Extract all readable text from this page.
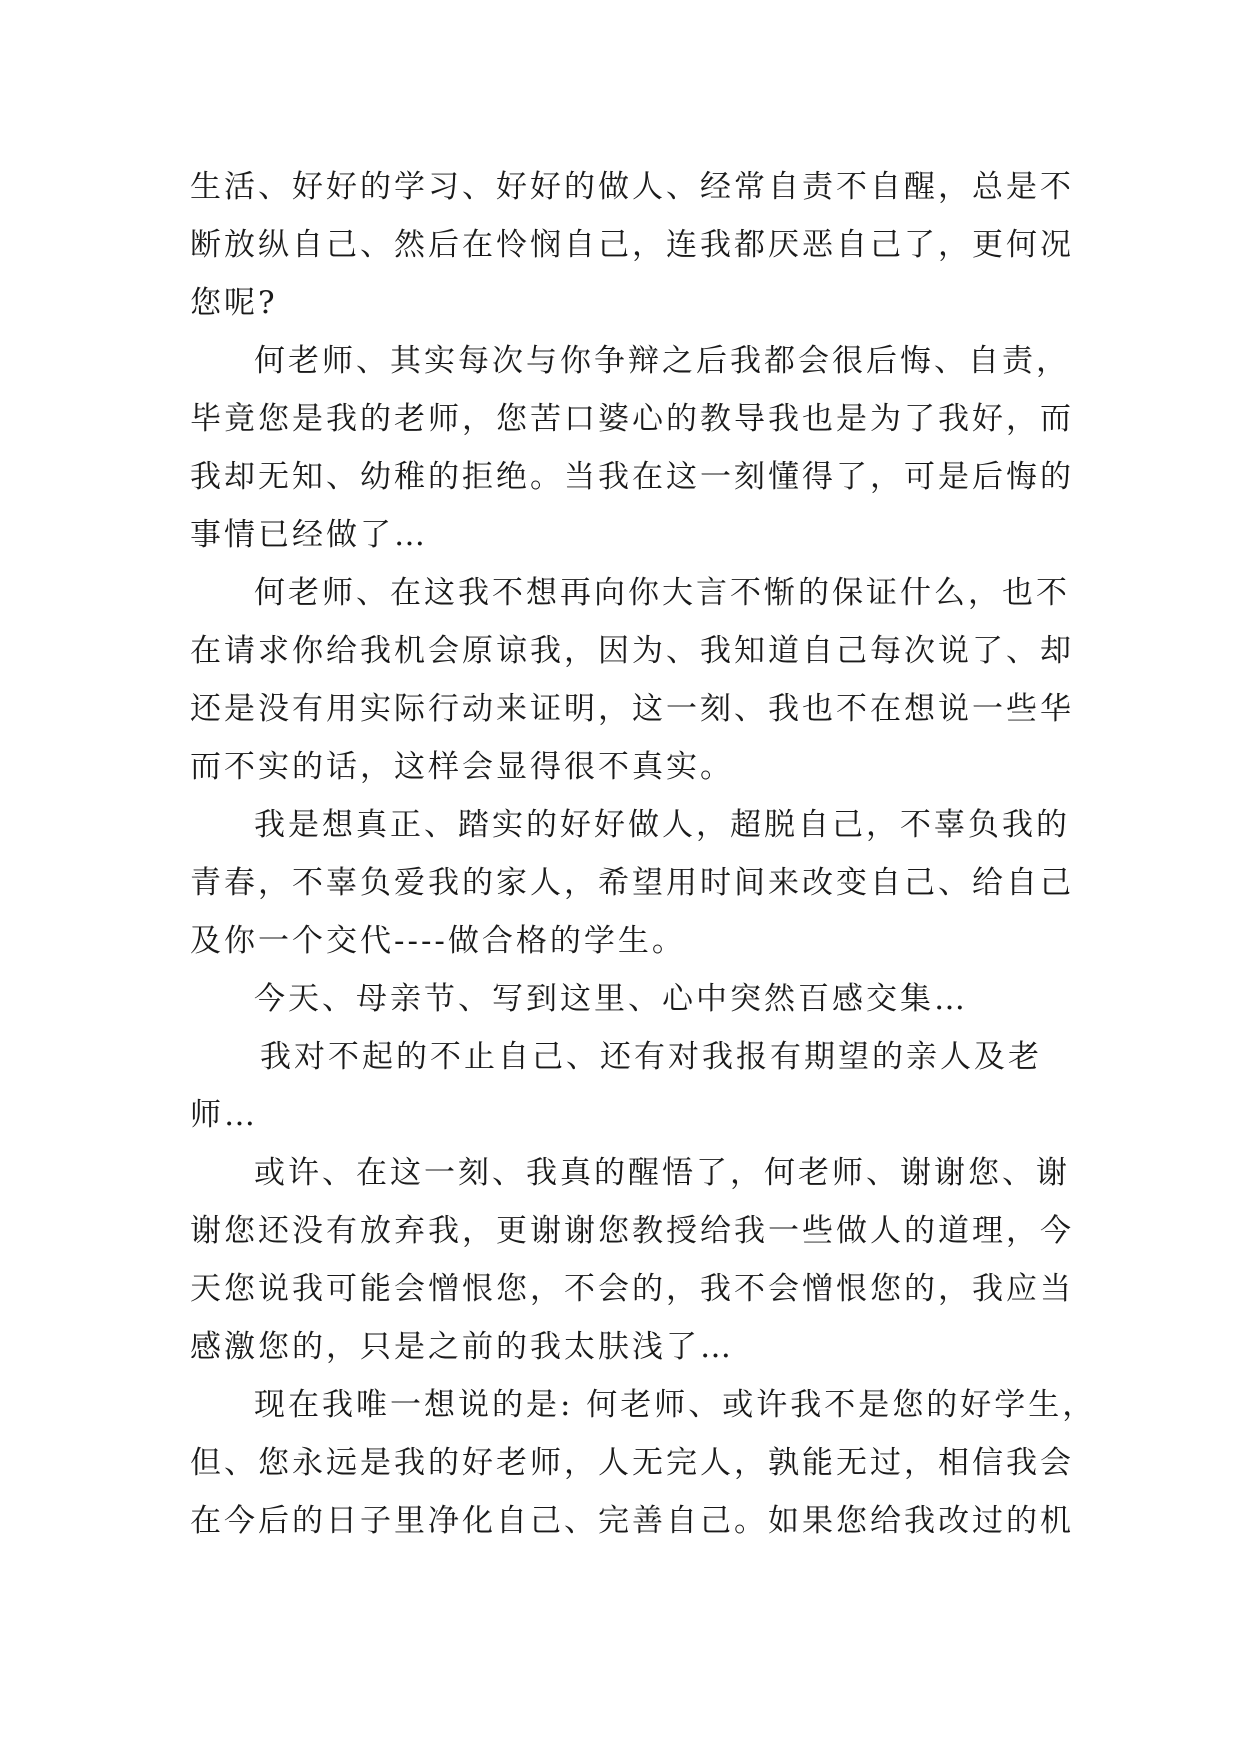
生活、好好的学习、好好的做人、经常自责不自醒，总是不
断放纵自己、然后在怜悯自己，连我都厌恶自己了，更何况
您呢?
何老师、其实每次与你争辩之后我都会很后悔、自责，
毕竟您是我的老师，您苦口婆心的教导我也是为了我好，而
我却无知、幼稚的拒绝。当我在这一刻懂得了，可是后悔的
事情已经做了…
何老师、在这我不想再向你大言不惭的保证什么，也不
在请求你给我机会原谅我，因为、我知道自己每次说了、却
还是没有用实际行动来证明，这一刻、我也不在想说一些华
而不实的话，这样会显得很不真实。
我是想真正、踏实的好好做人，超脱自己，不辜负我的
青春，不辜负爱我的家人，希望用时间来改变自己、给自己
及你一个交代----做合格的学生。
今天、母亲节、写到这里、心中突然百感交集…
我对不起的不止自己、还有对我报有期望的亲人及老
师…
或许、在这一刻、我真的醒悟了，何老师、谢谢您、谢
谢您还没有放弃我，更谢谢您教授给我一些做人的道理，今
天您说我可能会憎恨您，不会的，我不会憎恨您的，我应当
感激您的，只是之前的我太肤浅了…
现在我唯一想说的是: 何老师、或许我不是您的好学生，
但、您永远是我的好老师，人无完人，孰能无过，相信我会
在今后的日子里净化自己、完善自己。如果您给我改过的机
